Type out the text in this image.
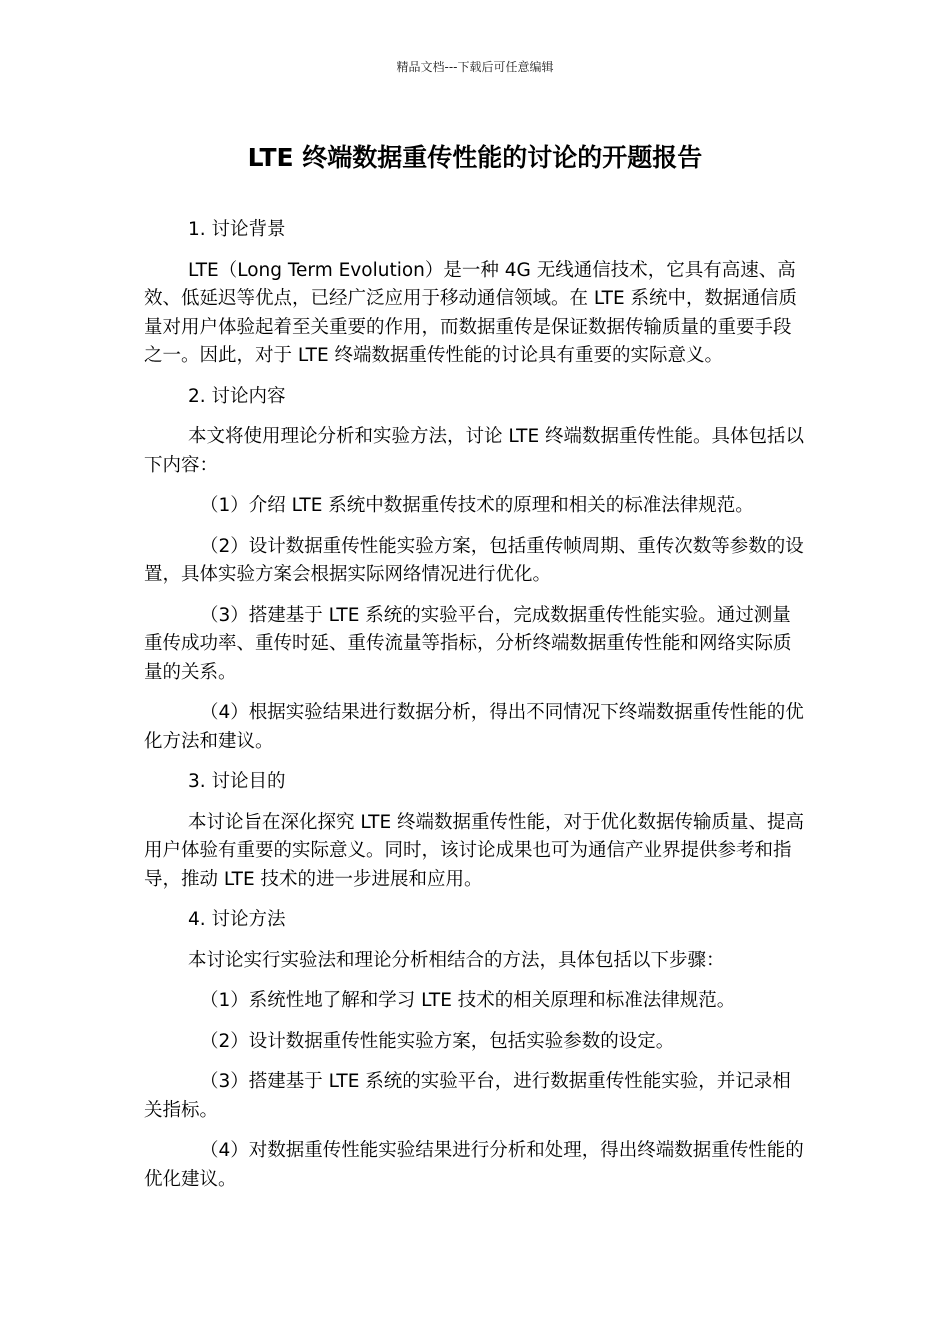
精品文档---下载后可任意编辑
LTE 终端数据重传性能的讨论的开题报告

1. 讨论背景

LTE（Long Term Evolution）是一种 4G 无线通信技术，它具有高速、高效、低延迟等优点，已经广泛应用于移动通信领域。在 LTE 系统中，数据通信质量对用户体验起着至关重要的作用，而数据重传是保证数据传输质量的重要手段之一。因此，对于 LTE 终端数据重传性能的讨论具有重要的实际意义。

2. 讨论内容

本文将使用理论分析和实验方法，讨论 LTE 终端数据重传性能。具体包括以下内容：

（1）介绍 LTE 系统中数据重传技术的原理和相关的标准法律规范。

（2）设计数据重传性能实验方案，包括重传帧周期、重传次数等参数的设置，具体实验方案会根据实际网络情况进行优化。

（3）搭建基于 LTE 系统的实验平台，完成数据重传性能实验。通过测量重传成功率、重传时延、重传流量等指标，分析终端数据重传性能和网络实际质量的关系。

（4）根据实验结果进行数据分析，得出不同情况下终端数据重传性能的优化方法和建议。

3. 讨论目的

本讨论旨在深化探究 LTE 终端数据重传性能，对于优化数据传输质量、提高用户体验有重要的实际意义。同时，该讨论成果也可为通信产业界提供参考和指导，推动 LTE 技术的进一步进展和应用。

4. 讨论方法

本讨论实行实验法和理论分析相结合的方法，具体包括以下步骤：

（1）系统性地了解和学习 LTE 技术的相关原理和标准法律规范。

（2）设计数据重传性能实验方案，包括实验参数的设定。

（3）搭建基于 LTE 系统的实验平台，进行数据重传性能实验，并记录相关指标。

（4）对数据重传性能实验结果进行分析和处理，得出终端数据重传性能的优化建议。
